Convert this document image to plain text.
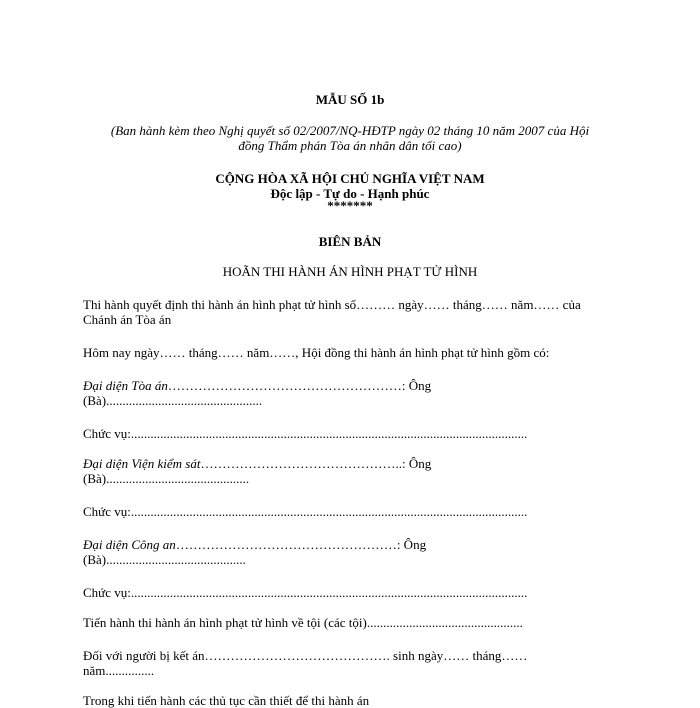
MẪU SỐ 1b
(Ban hành kèm theo Nghị quyết số 02/2007/NQ-HĐTP ngày 02 tháng 10 năm 2007 của Hội
đồng Thẩm phán Tòa án nhân dân tối cao)
CỘNG HÒA XÃ HỘI CHỦ NGHĨA VIỆT NAM
Độc lập - Tự do - Hạnh phúc
*******
BIÊN BẢN
HOÃN THI HÀNH ÁN HÌNH PHẠT TỬ HÌNH
Thi hành quyết định thi hành án hình phạt tử hình số……… ngày…… tháng…… năm…… của
Chánh án Tòa án
Hôm nay ngày…… tháng…… năm……, Hội đồng thi hành án hình phạt tử hình gồm có:
Đại diện Tòa án………………………………………………: Ông
(Bà)................................................
Chức vụ:..........................................................................................................................
Đại diện Viện kiểm sát………………………………………..: Ông
(Bà)............................................
Chức vụ:..........................................................................................................................
Đại diện Công an……………………………………………: Ông
(Bà)...........................................
Chức vụ:..........................................................................................................................
Tiến hành thi hành án hình phạt tử hình về tội (các tội)................................................
Đối với người bị kết án……………………………………. sinh ngày…… tháng……
năm...............
Trong khi tiến hành các thủ tục cần thiết để thi hành án
